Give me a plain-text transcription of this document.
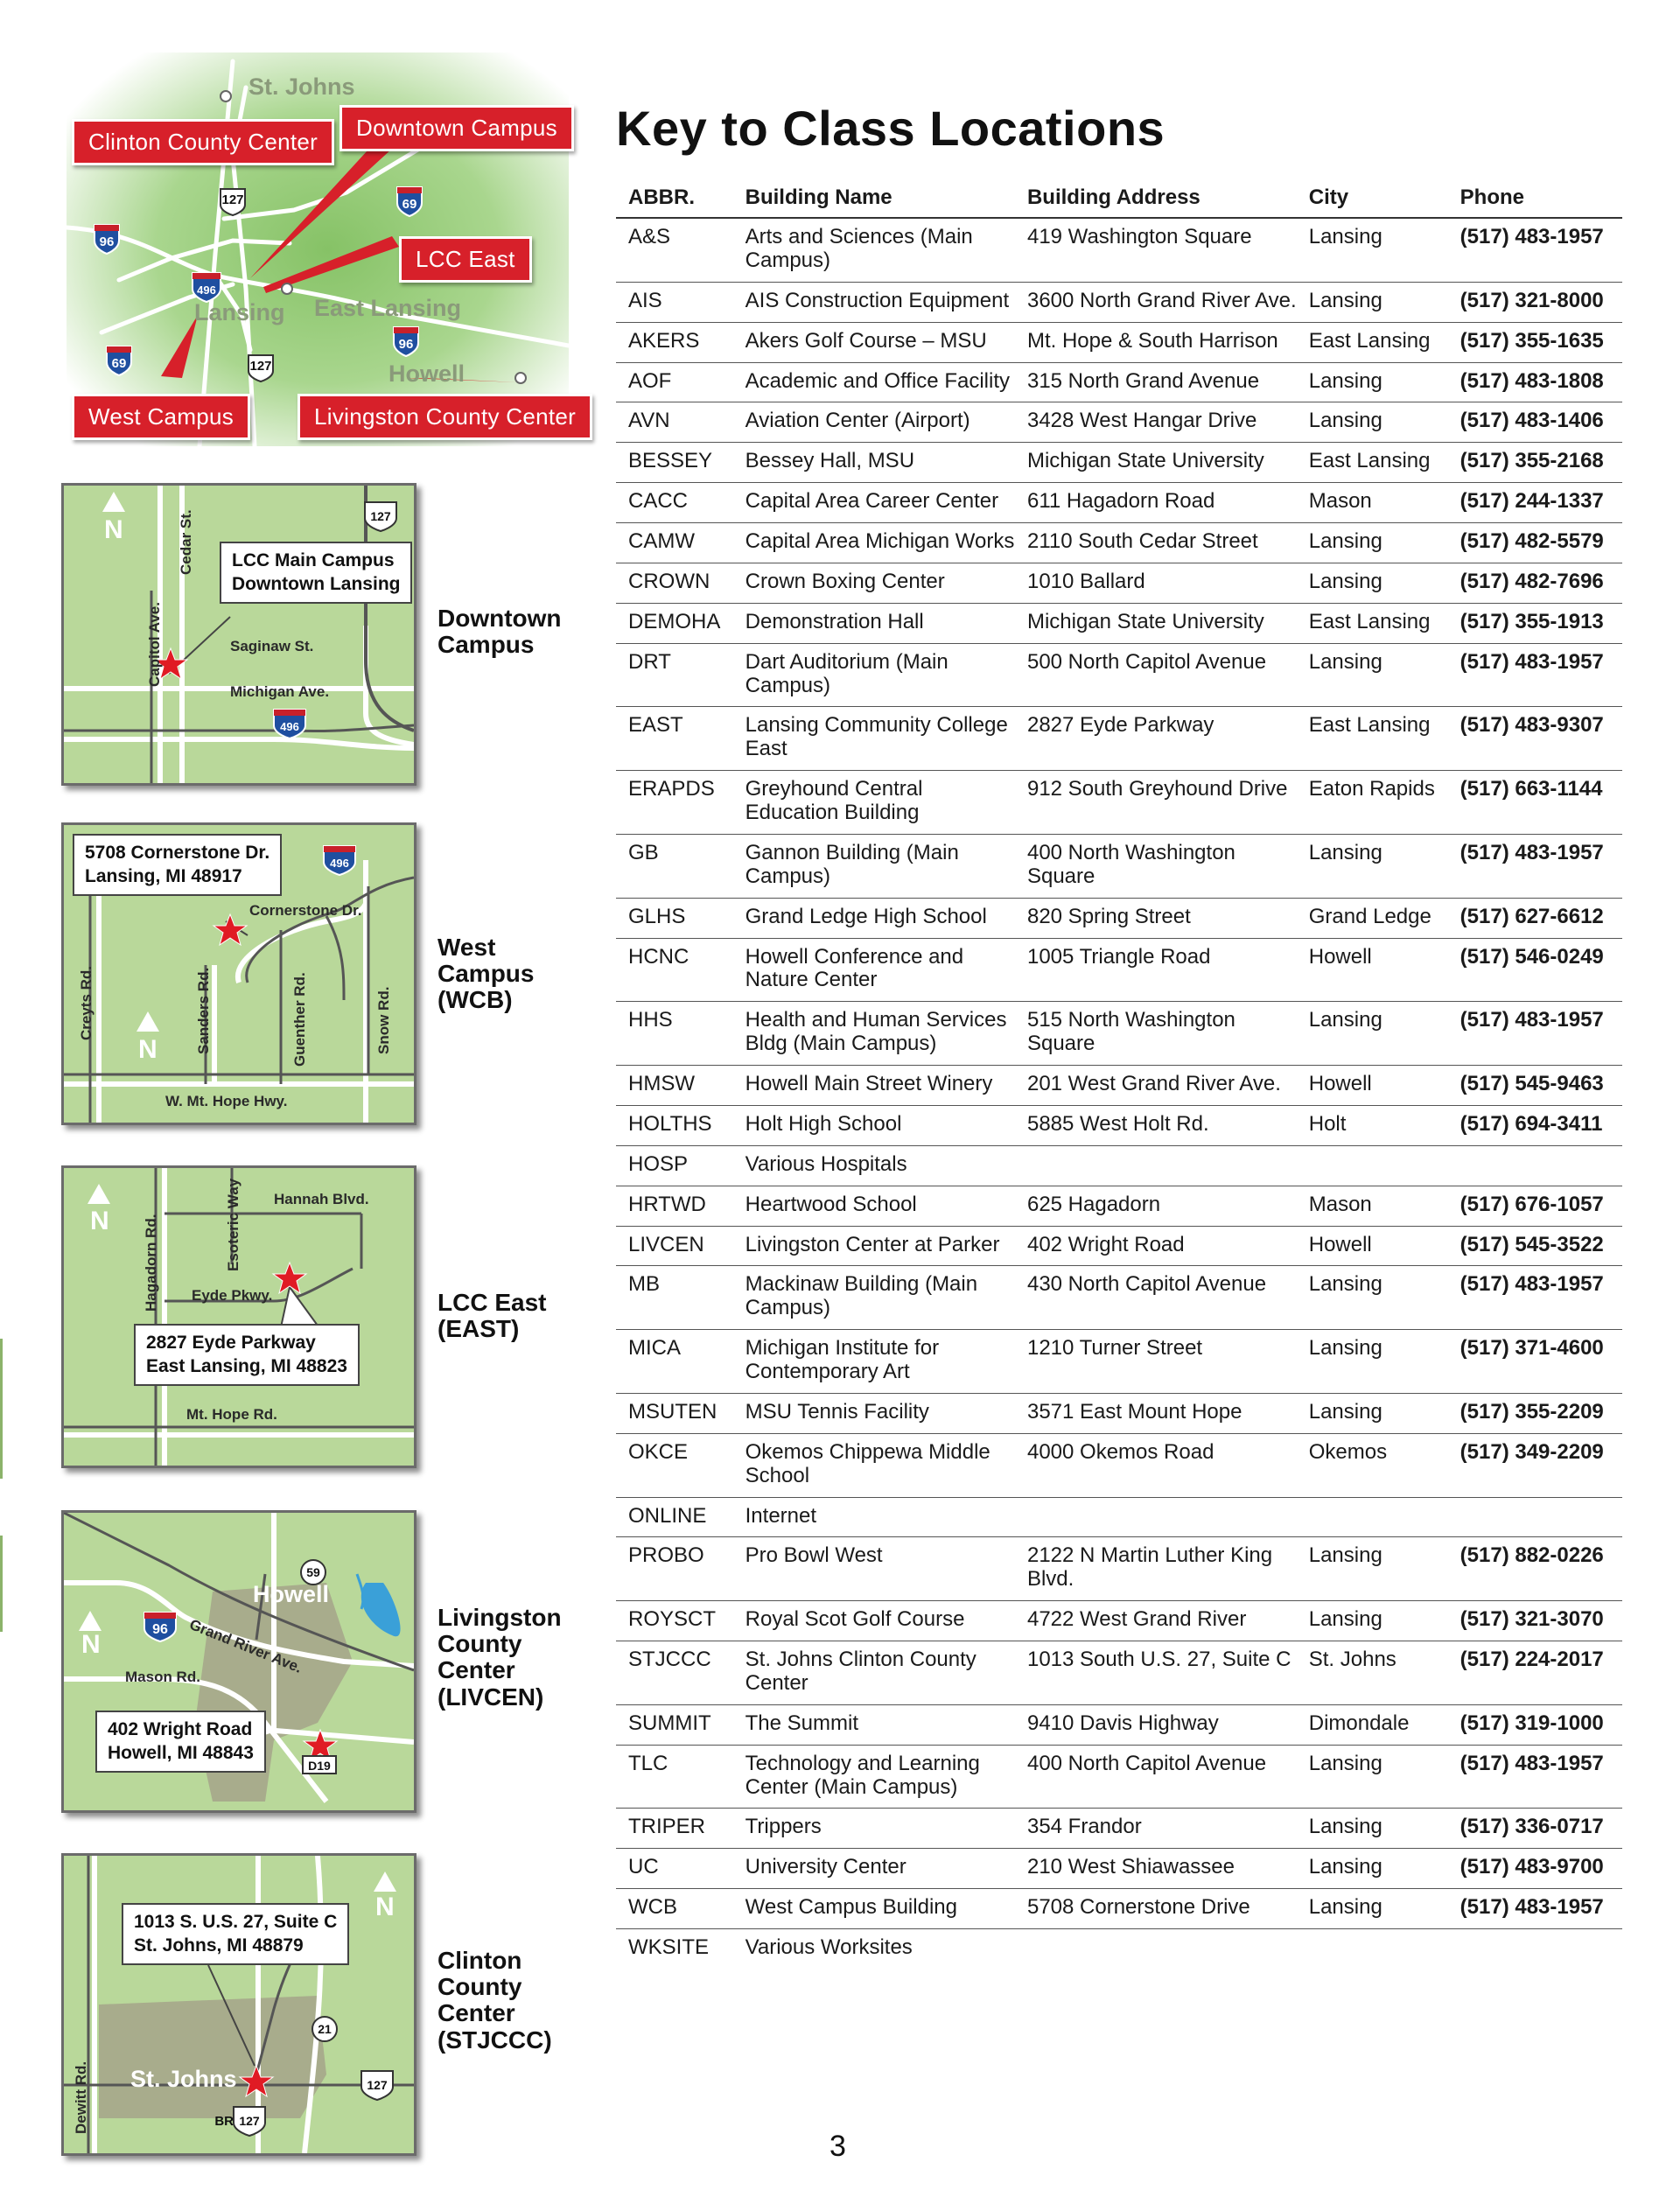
127
96
69
496
96
69	127
St. Johns
Lansing East Lansing
Howell
Clinton County Center
Downtown Campus
LCC East
West Campus	Livingston County Center
127
496
N	Cedar St.
Capitol Ave.	Saginaw St.
Michigan Ave.
LCC Main Campus
Downtown Lansing
Downtown
Campus
496
N
Cornerstone Dr.
Creyts Rd.	Sanders Rd.	Guenther Rd.	Snow Rd.
W. Mt. Hope Hwy.
5708 Cornerstone Dr.
Lansing, MI 48917
West
Campus
(WCB)
N	Esoteric Way Hannah Blvd.
Hagadorn Rd. Eyde Pkwy.
Mt. Hope Rd.
2827 Eyde Parkway
East Lansing, MI 48823
LCC East
(EAST)
59
96
D19
N
Howell
Grand River Ave.
Mason Rd.
402 Wright Road
Howell, MI 48843
Livingston
County
Center
(LIVCEN)
21
127
BR 127
N
St. Johns
Dewitt Rd.
1013 S. U.S. 27, Suite C
St. Johns, MI 48879
Clinton
County
Center
(STJCCC)
Key to Class Locations
ABBR.	Building Name	Building Address	City	Phone
A&S	Arts and Sciences (Main Campus)	419 Washington Square	Lansing	(517) 483-1957
AIS	AIS Construction Equipment	3600 North Grand River Ave.	Lansing	(517) 321-8000
AKERS	Akers Golf Course – MSU	Mt. Hope & South Harrison	East Lansing	(517) 355-1635
AOF	Academic and Office Facility	315 North Grand Avenue	Lansing	(517) 483-1808
AVN	Aviation Center (Airport)	3428 West Hangar Drive	Lansing	(517) 483-1406
BESSEY	Bessey Hall, MSU	Michigan State University	East Lansing	(517) 355-2168
CACC	Capital Area Career Center	611 Hagadorn Road	Mason	(517) 244-1337
CAMW	Capital Area Michigan Works	2110 South Cedar Street	Lansing	(517) 482-5579
CROWN	Crown Boxing Center	1010 Ballard	Lansing	(517) 482-7696
DEMOHA	Demonstration Hall	Michigan State University	East Lansing	(517) 355-1913
DRT	Dart Auditorium (Main Campus)	500 North Capitol Avenue	Lansing	(517) 483-1957
EAST	Lansing Community College East	2827 Eyde Parkway	East Lansing	(517) 483-9307
ERAPDS	Greyhound Central Education Building	912 South Greyhound Drive	Eaton Rapids	(517) 663-1144
GB	Gannon Building (Main Campus)	400 North Washington Square	Lansing	(517) 483-1957
GLHS	Grand Ledge High School	820 Spring Street	Grand Ledge	(517) 627-6612
HCNC	Howell Conference and Nature Center	1005 Triangle Road	Howell	(517) 546-0249
HHS	Health and Human Services Bldg (Main Campus)	515 North Washington Square	Lansing	(517) 483-1957
HMSW	Howell Main Street Winery	201 West Grand River Ave.	Howell	(517) 545-9463
HOLTHS	Holt High School	5885 West Holt Rd.	Holt	(517) 694-3411
HOSP	Various Hospitals			
HRTWD	Heartwood School	625 Hagadorn	Mason	(517) 676-1057
LIVCEN	Livingston Center at Parker	402 Wright Road	Howell	(517) 545-3522
MB	Mackinaw Building (Main Campus)	430 North Capitol Avenue	Lansing	(517) 483-1957
MICA	Michigan Institute for Contemporary Art	1210 Turner Street	Lansing	(517) 371-4600
MSUTEN	MSU Tennis Facility	3571 East Mount Hope	Lansing	(517) 355-2209
OKCE	Okemos Chippewa Middle School	4000 Okemos Road	Okemos	(517) 349-2209
ONLINE	Internet			
PROBO	Pro Bowl West	2122 N Martin Luther King Blvd.	Lansing	(517) 882-0226
ROYSCT	Royal Scot Golf Course	4722 West Grand River	Lansing	(517) 321-3070
STJCCC	St. Johns Clinton County Center	1013 South U.S. 27, Suite C	St. Johns	(517) 224-2017
SUMMIT	The Summit	9410 Davis Highway	Dimondale	(517) 319-1000
TLC	Technology and Learning Center (Main Campus)	400 North Capitol Avenue	Lansing	(517) 483-1957
TRIPER	Trippers	354 Frandor	Lansing	(517) 336-0717
UC	University Center	210 West Shiawassee	Lansing	(517) 483-9700
WCB	West Campus Building	5708 Cornerstone Drive	Lansing	(517) 483-1957
WKSITE	Various Worksites			
3
